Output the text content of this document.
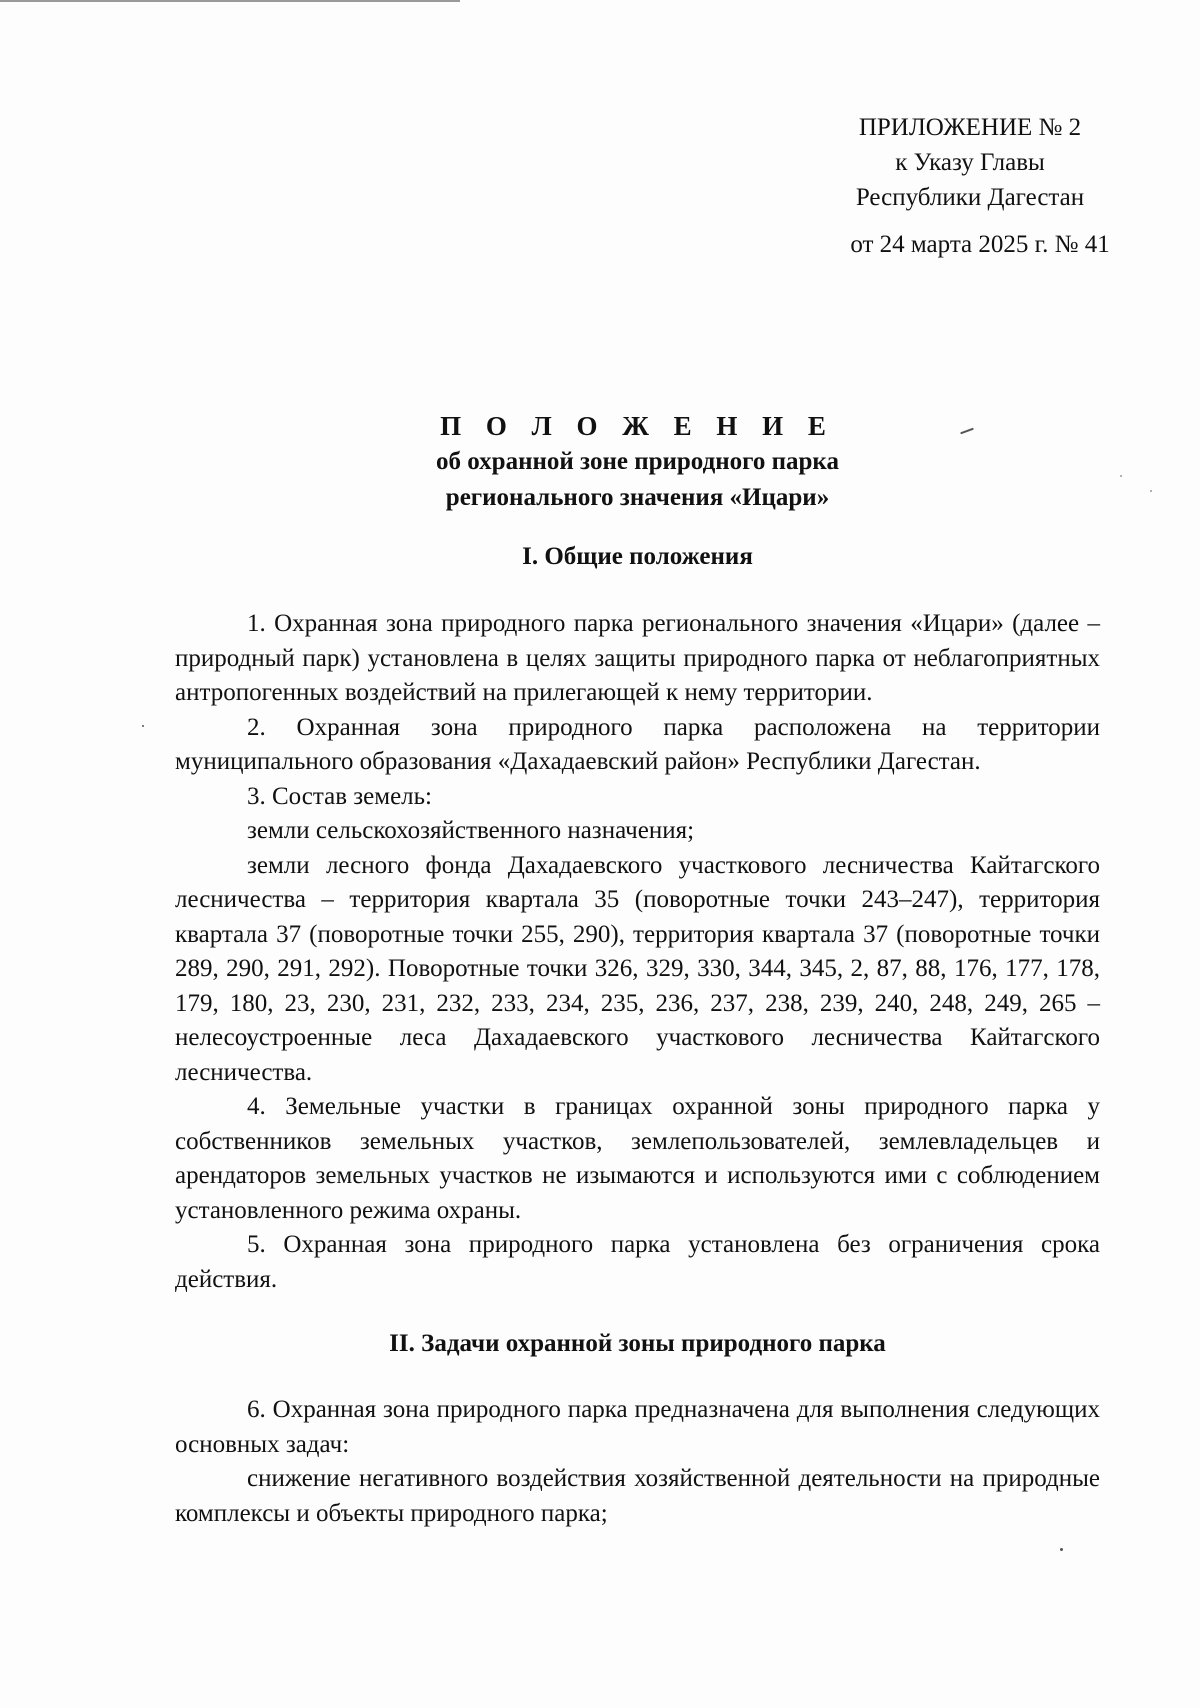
ПРИЛОЖЕНИЕ № 2
к Указу Главы
Республики Дагестан
от 24 марта 2025 г. № 41
П О Л О Ж Е Н И Е
об охранной зоне природного парка
регионального значения «Ицари»
I. Общие положения

1. Охранная зона природного парка регионального значения «Ицари» (далее – природный парк) установлена в целях защиты природного парка от неблагоприятных антропогенных воздействий на прилегающей к нему территории.

2. Охранная зона природного парка расположена на территории муниципального образования «Дахадаевский район» Республики Дагестан.

3. Состав земель:

земли сельскохозяйственного назначения;

земли лесного фонда Дахадаевского участкового лесничества Кайтагского лесничества – территория квартала 35 (поворотные точки 243–247), территория квартала 37 (поворотные точки 255, 290), территория квартала 37 (поворотные точки 289, 290, 291, 292). Поворотные точки 326, 329, 330, 344, 345, 2, 87, 88, 176, 177, 178, 179, 180, 23, 230, 231, 232, 233, 234, 235, 236, 237, 238, 239, 240, 248, 249, 265 – нелесоустроенные леса Дахадаевского участкового лесничества Кайтагского лесничества.

4. Земельные участки в границах охранной зоны природного парка у собственников земельных участков, землепользователей, землевладельцев и арендаторов земельных участков не изымаются и используются ими с соблюдением установленного режима охраны.

5. Охранная зона природного парка установлена без ограничения срока действия.

II. Задачи охранной зоны природного парка

6. Охранная зона природного парка предназначена для выполнения следующих основных задач:

снижение негативного воздействия хозяйственной деятельности на природные комплексы и объекты природного парка;
